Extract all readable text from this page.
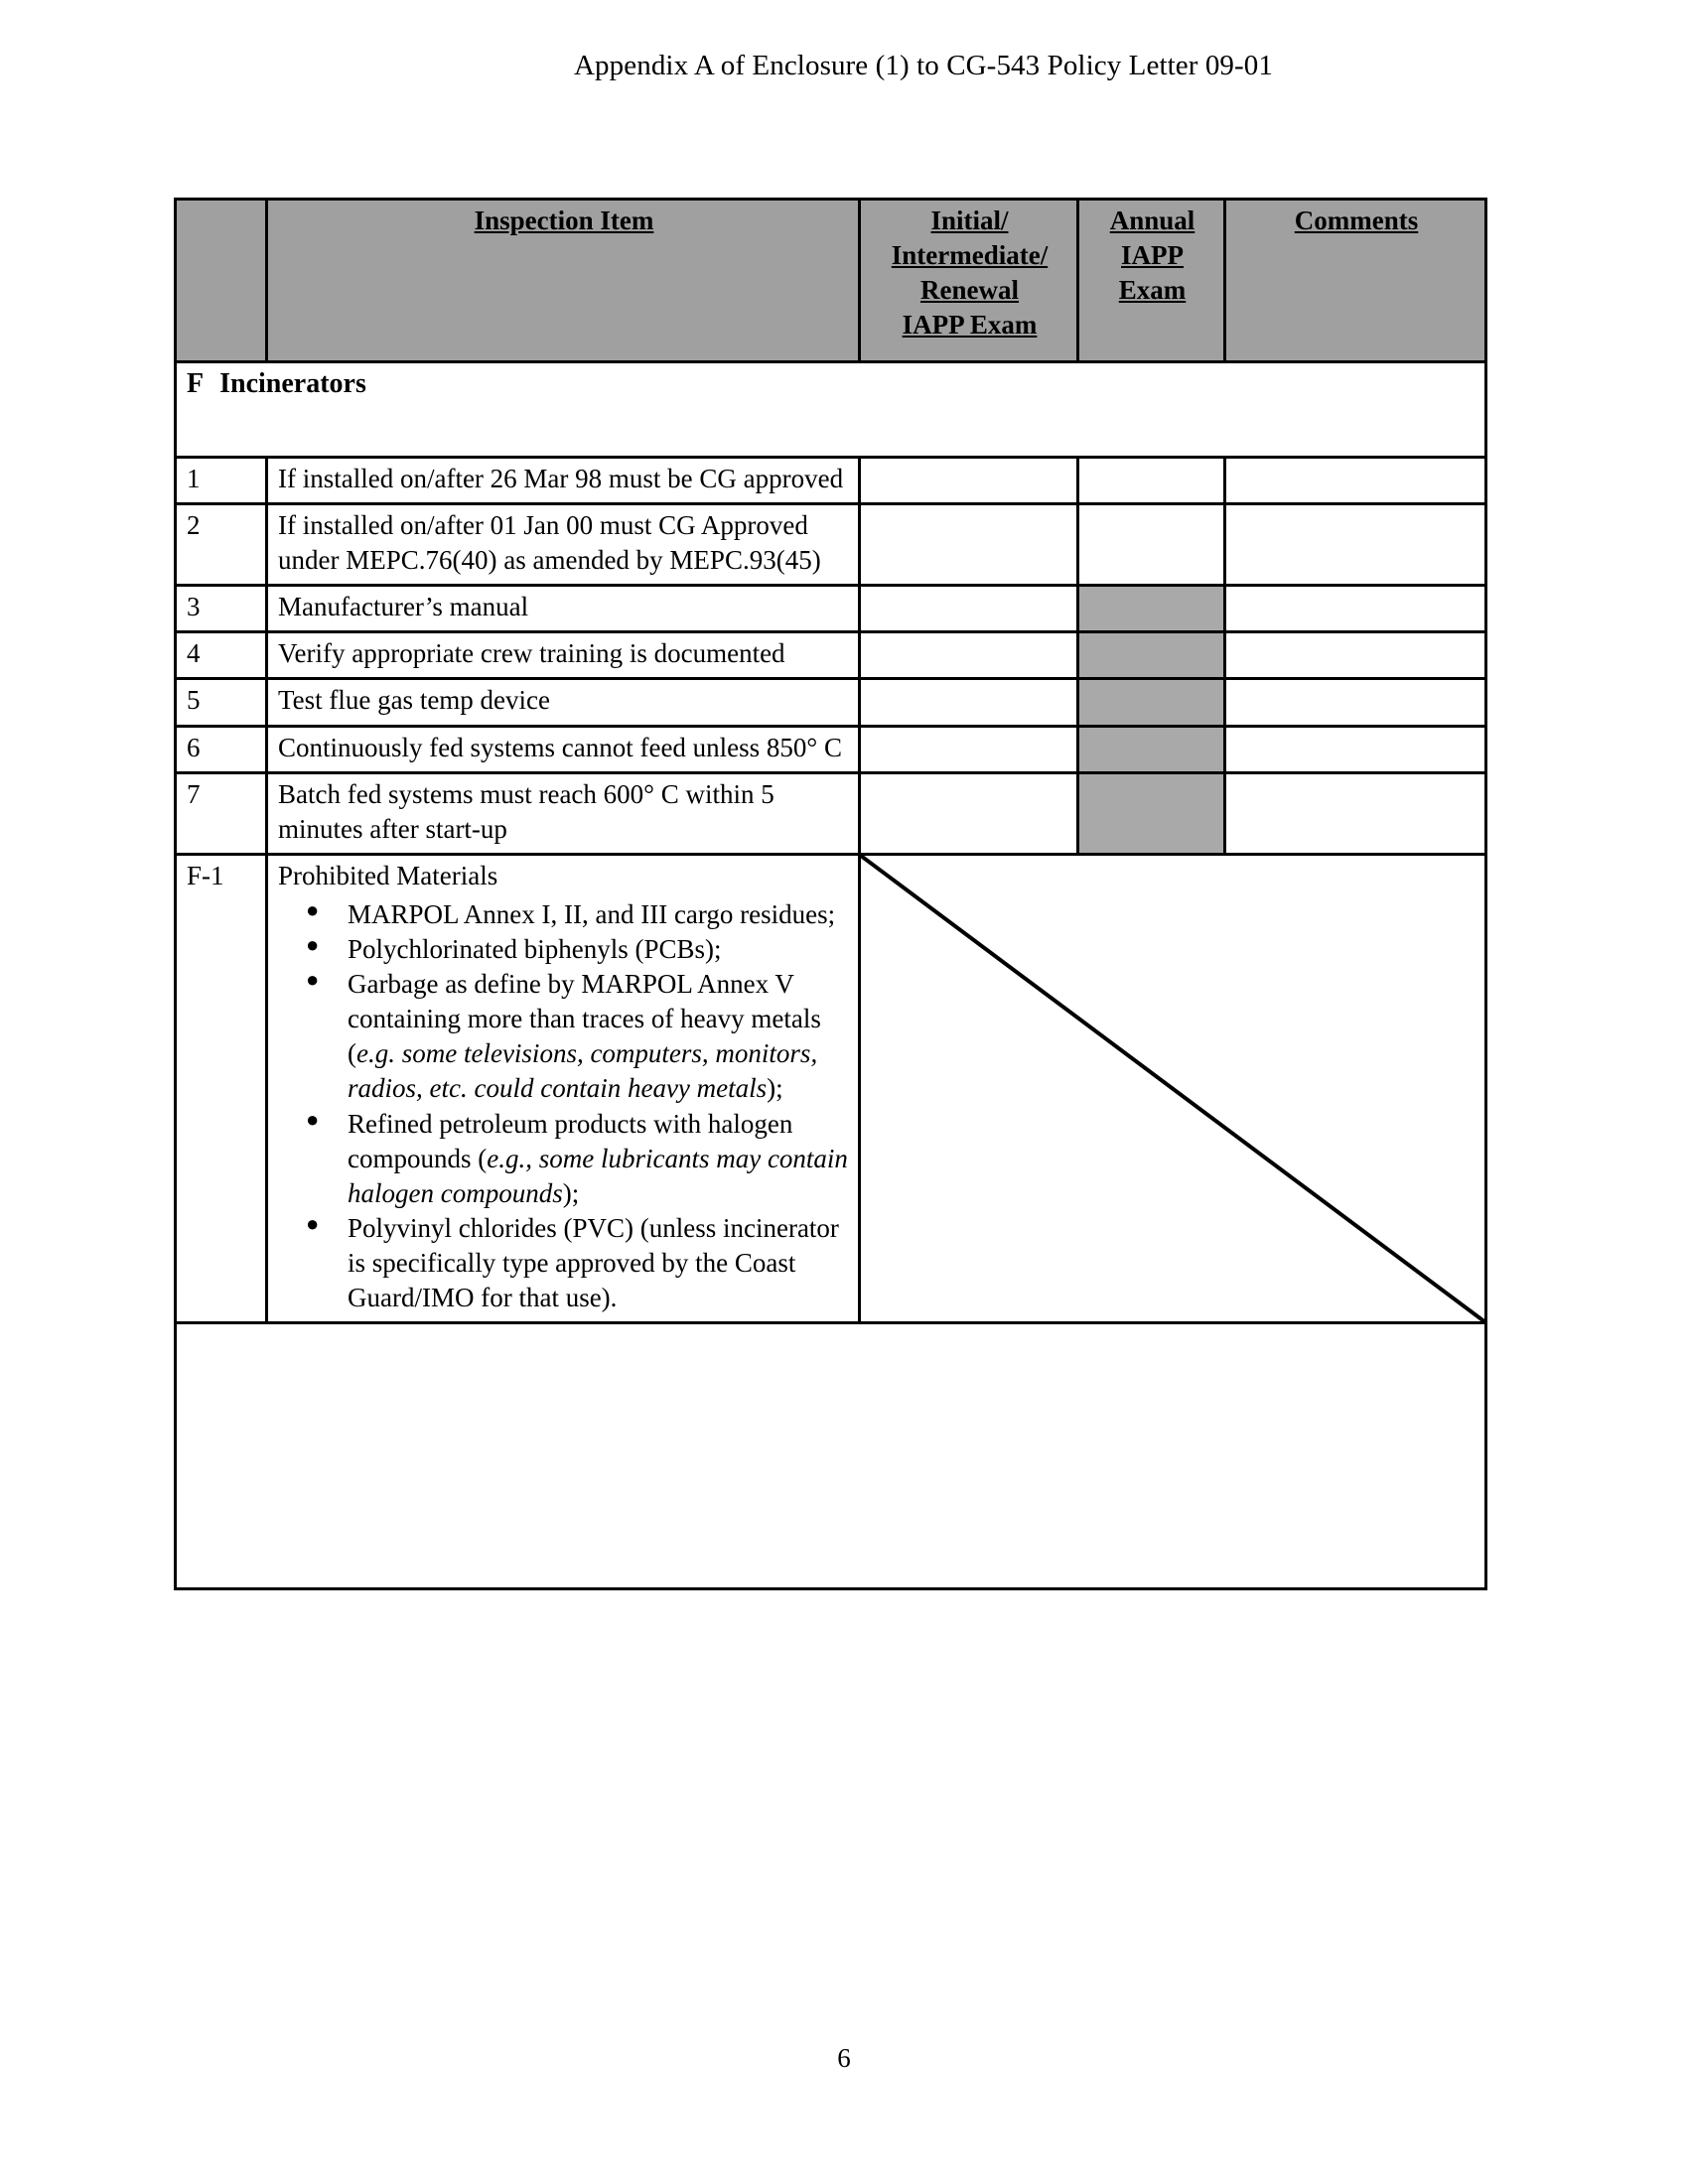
Appendix A of Enclosure (1) to CG-543 Policy Letter 09-01
	Inspection Item	Initial/
Intermediate/
Renewal
IAPP Exam	Annual
IAPP
Exam	Comments
F Incinerators				
1	If installed on/after 26 Mar 98 must be CG approved			
2	If installed on/after 01 Jan 00 must CG Approved under MEPC.76(40) as amended by MEPC.93(45)			
3	Manufacturer’s manual			
4	Verify appropriate crew training is documented			
5	Test flue gas temp device			
6	Continuously fed systems cannot feed unless 850° C			
7	Batch fed systems must reach 600° C within 5 minutes after start-up			
F-1	Prohibited Materials
● MARPOL Annex I, II, and III cargo residues;
● Polychlorinated biphenyls (PCBs);
● Garbage as define by MARPOL Annex V containing more than traces of heavy metals (e.g. some televisions, computers, monitors, radios, etc. could contain heavy metals);
● Refined petroleum products with halogen compounds (e.g., some lubricants may contain halogen compounds);
● Polyvinyl chlorides (PVC) (unless incinerator is specifically type approved by the Coast Guard/IMO for that use).

6
